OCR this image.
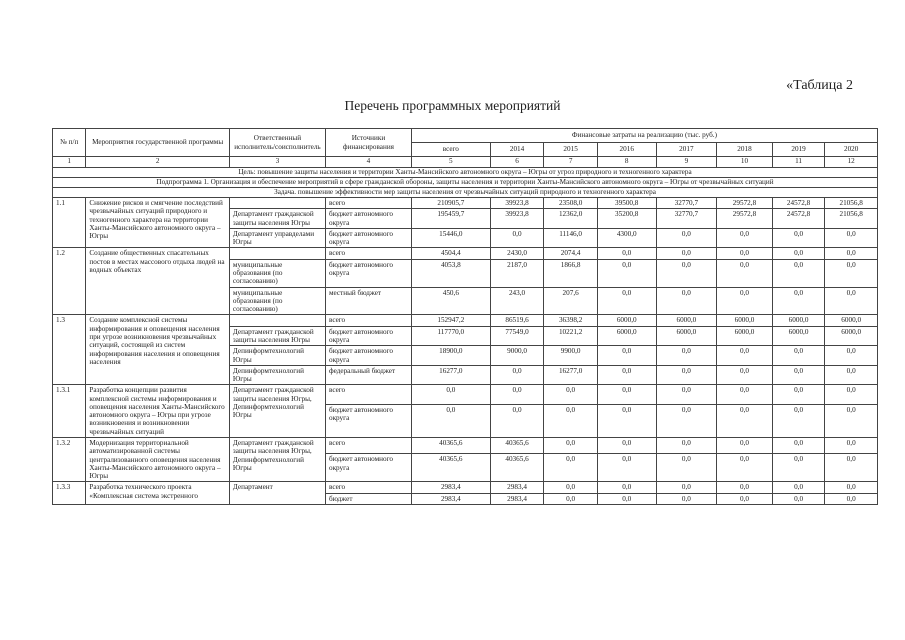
«Таблица 2
Перечень программных мероприятий
№ п/п	Мероприятия государственной программы	Ответственный исполнитель/соисполнитель	Источники финансирования	Финансовые затраты на реализацию (тыс. руб.)							
				всего	2014	2015	2016	2017	2018	2019	2020
1	2	3	4	5	6	7	8	9	10	11	12
Цель: повышение защиты населения и территории Ханты-Мансийского автономного округа – Югры от угроз природного и техногенного характера											
Подпрограмма 1. Организация и обеспечение мероприятий в сфере гражданской обороны, защиты населения и территории Ханты-Мансийского автономного округа – Югры от чрезвычайных ситуаций											
Задача. повышение эффективности мер защиты населения от чрезвычайных ситуаций природного и техногенного характера											
1.1	Снижение рисков и смягчение последствий чрезвычайных ситуаций природного и техногенного характера на территории Ханты-Мансийского автономного округа – Югры		всего	210905,7	39923,8	23508,0	39500,8	32770,7	29572,8	24572,8	21056,8
		Департамент гражданской защиты населения Югры	бюджет автономного округа	195459,7	39923,8	12362,0	35200,8	32770,7	29572,8	24572,8	21056,8
		Департамент управделами Югры	бюджет автономного округа	15446,0	0,0	11146,0	4300,0	0,0	0,0	0,0	0,0
1.2	Создание общественных спасательных постов в местах массового отдыха людей на водных объектах		всего	4504,4	2430,0	2074,4	0,0	0,0	0,0	0,0	0,0
		муниципальные образования (по согласованию)	бюджет автономного округа	4053,8	2187,0	1866,8	0,0	0,0	0,0	0,0	0,0
		муниципальные образования (по согласованию)	местный бюджет	450,6	243,0	207,6	0,0	0,0	0,0	0,0	0,0
1.3	Создание комплексной системы информирования и оповещения населения при угрозе возникновения чрезвычайных ситуаций, состоящей из систем информирования населения и оповещения населения		всего	152947,2	86519,6	36398,2	6000,0	6000,0	6000,0	6000,0	6000,0
		Департамент гражданской защиты населения Югры	бюджет автономного округа	117770,0	77549,0	10221,2	6000,0	6000,0	6000,0	6000,0	6000,0
		Депинформтехнологий Югры	бюджет автономного округа	18900,0	9000,0	9900,0	0,0	0,0	0,0	0,0	0,0
		Депинформтехнологий Югры	федеральный бюджет	16277,0	0,0	16277,0	0,0	0,0	0,0	0,0	0,0
1.3.1	Разработка концепции развития комплексной системы информирования и оповещения населения Ханты-Мансийского автономного округа – Югры при угрозе возникновения и возникновении чрезвычайных ситуаций	Департамент гражданской защиты населения Югры, Депинформтехнологий Югры	всего	0,0	0,0	0,0	0,0	0,0	0,0	0,0	0,0
			бюджет автономного округа	0,0	0,0	0,0	0,0	0,0	0,0	0,0	0,0
1.3.2	Модернизация территориальной автоматизированной системы централизованного оповещения населения Ханты-Мансийского автономного округа – Югры	Департамент гражданской защиты населения Югры, Депинформтехнологий Югры	всего	40365,6	40365,6	0,0	0,0	0,0	0,0	0,0	0,0
			бюджет автономного округа	40365,6	40365,6	0,0	0,0	0,0	0,0	0,0	0,0
1.3.3	Разработка технического проекта «Комплексная система экстренного	Департамент	всего	2983,4	2983,4	0,0	0,0	0,0	0,0	0,0	0,0
			бюджет	2983,4	2983,4	0,0	0,0	0,0	0,0	0,0	0,0
